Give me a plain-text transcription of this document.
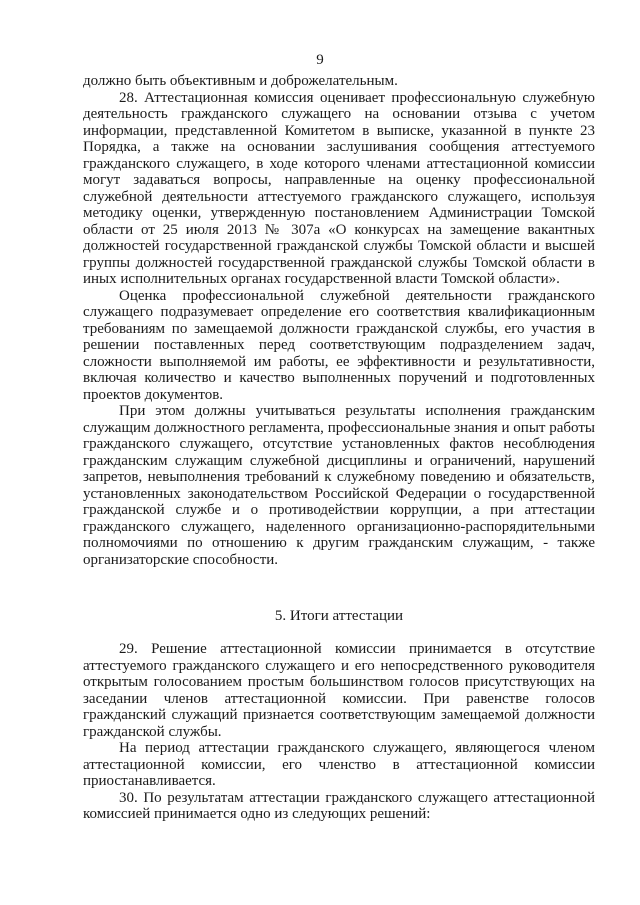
9

должно быть объективным и доброжелательным.

28. Аттестационная комиссия оценивает профессиональную служебную деятельность гражданского служащего на основании отзыва с учетом информации, представленной Комитетом в выписке, указанной в пункте 23 Порядка, а также на основании заслушивания сообщения аттестуемого гражданского служащего, в ходе которого членами аттестационной комиссии могут задаваться вопросы, направленные на оценку профессиональной служебной деятельности аттестуемого гражданского служащего, используя методику оценки, утвержденную постановлением Администрации Томской области от 25 июля 2013 № 307а «О конкурсах на замещение вакантных должностей государственной гражданской службы Томской области и высшей группы должностей государственной гражданской службы Томской области в иных исполнительных органах государственной власти Томской области».

Оценка профессиональной служебной деятельности гражданского служащего подразумевает определение его соответствия квалификационным требованиям по замещаемой должности гражданской службы, его участия в решении поставленных перед соответствующим подразделением задач, сложности выполняемой им работы, ее эффективности и результативности, включая количество и качество выполненных поручений и подготовленных проектов документов.

При этом должны учитываться результаты исполнения гражданским служащим должностного регламента, профессиональные знания и опыт работы гражданского служащего, отсутствие установленных фактов несоблюдения гражданским служащим служебной дисциплины и ограничений, нарушений запретов, невыполнения требований к служебному поведению и обязательств, установленных законодательством Российской Федерации о государственной гражданской службе и о противодействии коррупции, а при аттестации гражданского служащего, наделенного организационно-распорядительными полномочиями по отношению к другим гражданским служащим, - также организаторские способности.

5. Итоги аттестации

29. Решение аттестационной комиссии принимается в отсутствие аттестуемого гражданского служащего и его непосредственного руководителя открытым голосованием простым большинством голосов присутствующих на заседании членов аттестационной комиссии. При равенстве голосов гражданский служащий признается соответствующим замещаемой должности гражданской службы.

На период аттестации гражданского служащего, являющегося членом аттестационной комиссии, его членство в аттестационной комиссии приостанавливается.

30. По результатам аттестации гражданского служащего аттестационной комиссией принимается одно из следующих решений:
